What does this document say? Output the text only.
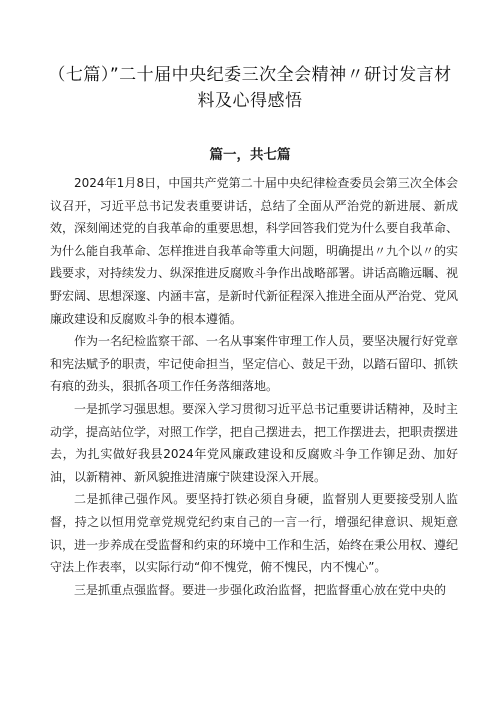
（七篇）”二十届中央纪委三次全会精神〃研讨发言材料及心得感悟
篇一，共七篇

2024年1月8日，中国共产党第二十届中央纪律检查委员会第三次全体会议召开，习近平总书记发表重要讲话，总结了全面从严治党的新进展、新成效，深刻阐述党的自我革命的重要思想，科学回答我们党为什么要自我革命、为什么能自我革命、怎样推进自我革命等重大问题，明确提出〃九个以〃的实践要求，对持续发力、纵深推进反腐败斗争作出战略部署。讲话高瞻远瞩、视野宏阔、思想深邃、内涵丰富，是新时代新征程深入推进全面从严治党、党风廉政建设和反腐败斗争的根本遵循。

作为一名纪检监察干部、一名从事案件审理工作人员，要坚决履行好党章和宪法赋予的职责，牢记使命担当，坚定信心、鼓足干劲，以踏石留印、抓铁有痕的劲头，狠抓各项工作任务落细落地。

一是抓学习强思想。要深入学习贯彻习近平总书记重要讲话精神，及时主动学，提高站位学，对照工作学，把自己摆进去，把工作摆进去，把职责摆进去，为扎实做好我县2024年党风廉政建设和反腐败斗争工作铆足劲、加好油，以新精神、新风貌推进清廉宁陕建设深入开展。

二是抓律己强作风。要坚持打铁必须自身硬，监督别人更要接受别人监督，持之以恒用党章党规党纪约束自己的一言一行，增强纪律意识、规矩意识，进一步养成在受监督和约束的环境中工作和生活，始终在秉公用权、遵纪守法上作表率，以实际行动“仰不愧党，俯不愧民，内不愧心”。

三是抓重点强监督。要进一步强化政治监督，把监督重心放在党中央的
